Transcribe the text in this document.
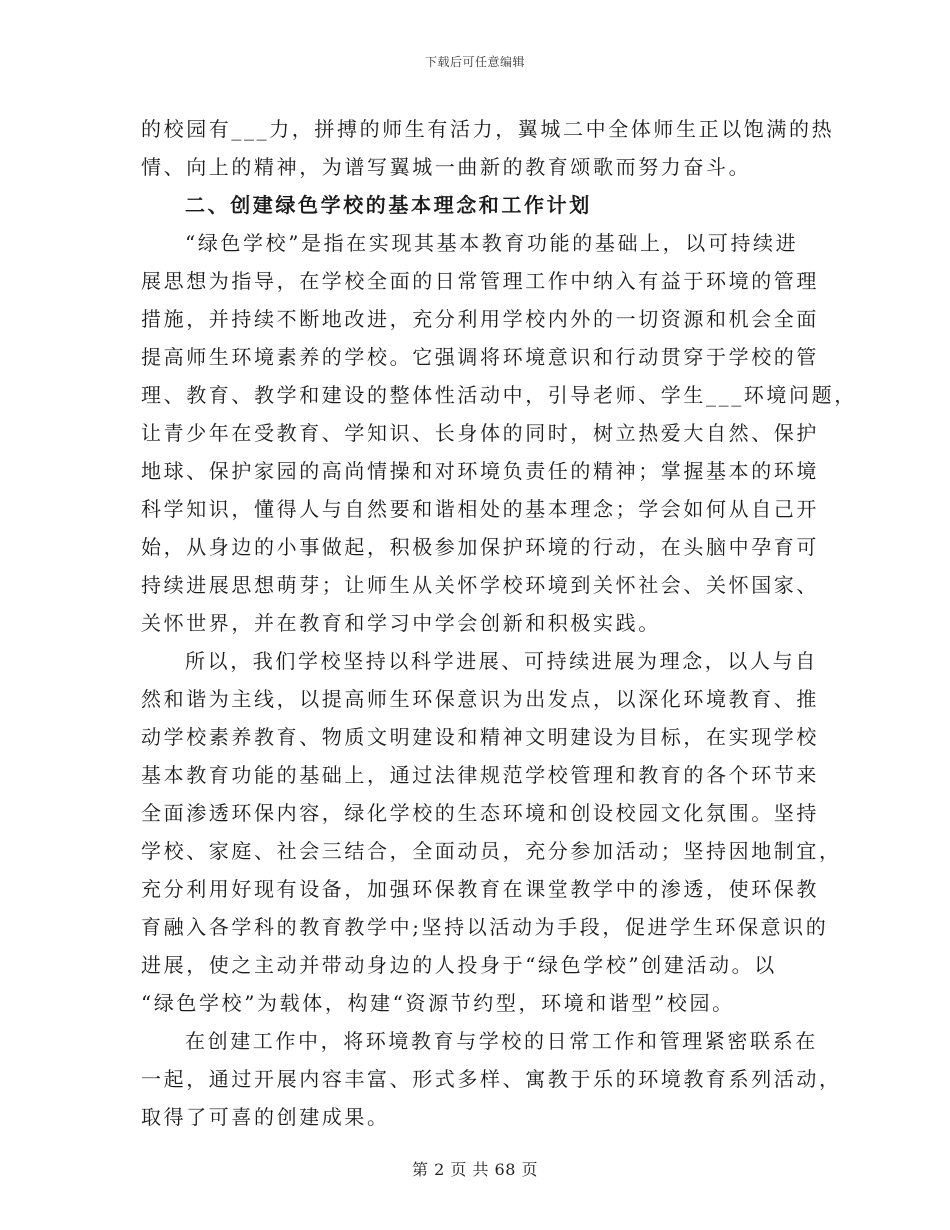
下载后可任意编辑
的校园有___力，拼搏的师生有活力，翼城二中全体师生正以饱满的热
情、向上的精神，为谱写翼城一曲新的教育颂歌而努力奋斗。
二、创建绿色学校的基本理念和工作计划
“绿色学校”是指在实现其基本教育功能的基础上，以可持续进
展思想为指导，在学校全面的日常管理工作中纳入有益于环境的管理
措施，并持续不断地改进，充分利用学校内外的一切资源和机会全面
提高师生环境素养的学校。它强调将环境意识和行动贯穿于学校的管
理、教育、教学和建设的整体性活动中，引导老师、学生___环境问题，
让青少年在受教育、学知识、长身体的同时，树立热爱大自然、保护
地球、保护家园的高尚情操和对环境负责任的精神；掌握基本的环境
科学知识，懂得人与自然要和谐相处的基本理念；学会如何从自己开
始，从身边的小事做起，积极参加保护环境的行动，在头脑中孕育可
持续进展思想萌芽；让师生从关怀学校环境到关怀社会、关怀国家、
关怀世界，并在教育和学习中学会创新和积极实践。
所以，我们学校坚持以科学进展、可持续进展为理念，以人与自
然和谐为主线，以提高师生环保意识为出发点，以深化环境教育、推
动学校素养教育、物质文明建设和精神文明建设为目标，在实现学校
基本教育功能的基础上，通过法律规范学校管理和教育的各个环节来
全面渗透环保内容，绿化学校的生态环境和创设校园文化氛围。坚持
学校、家庭、社会三结合，全面动员，充分参加活动；坚持因地制宜，
充分利用好现有设备，加强环保教育在课堂教学中的渗透，使环保教
育融入各学科的教育教学中;坚持以活动为手段，促进学生环保意识的
进展，使之主动并带动身边的人投身于“绿色学校”创建活动。以
“绿色学校”为载体，构建“资源节约型，环境和谐型”校园。
在创建工作中，将环境教育与学校的日常工作和管理紧密联系在
一起，通过开展内容丰富、形式多样、寓教于乐的环境教育系列活动，
取得了可喜的创建成果。
第 2 页 共 68 页
